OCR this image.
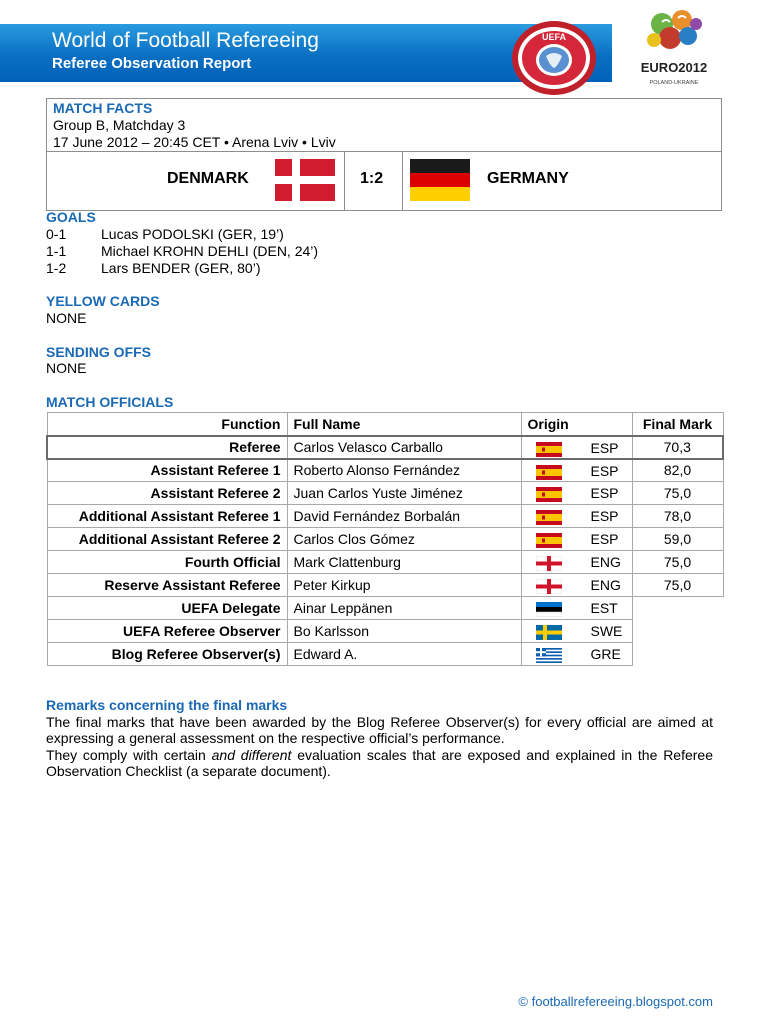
World of Football Refereeing
Referee Observation Report
UEFA
EURO2012
POLAND-UKRAINE
MATCH FACTS
Group B, Matchday 3
17 June 2012 – 20:45 CET • Arena Lviv • Lviv
DENMARK	1:2	GERMANY
GOALS
0-1 Lucas PODOLSKI (GER, 19’)
1-1 Michael KROHN DEHLI (DEN, 24’)
1-2 Lars BENDER (GER, 80’)
YELLOW CARDS
NONE
SENDING OFFS
NONE
MATCH OFFICIALS
Function	Full Name	Origin	Final Mark
Referee	Carlos Velasco Carballo	ESP	70,3
Assistant Referee 1	Roberto Alonso Fernández	ESP	82,0
Assistant Referee 2	Juan Carlos Yuste Jiménez	ESP	75,0
Additional Assistant Referee 1	David Fernández Borbalán	ESP	78,0
Additional Assistant Referee 2	Carlos Clos Gómez	ESP	59,0
Fourth Official	Mark Clattenburg	ENG	75,0
Reserve Assistant Referee	Peter Kirkup	ENG	75,0
UEFA Delegate	Ainar Leppänen	EST	

UEFA Referee Observer	Bo Karlsson	SWE	

Blog Referee Observer(s)	Edward A.	GRE	

Remarks concerning the final marks
The final marks that have been awarded by the Blog Referee Observer(s) for every official are aimed at expressing a general assessment on the respective official’s performance.
They comply with certain and different evaluation scales that are exposed and explained in the Referee Observation Checklist (a separate document).
© footballrefereeing.blogspot.com
